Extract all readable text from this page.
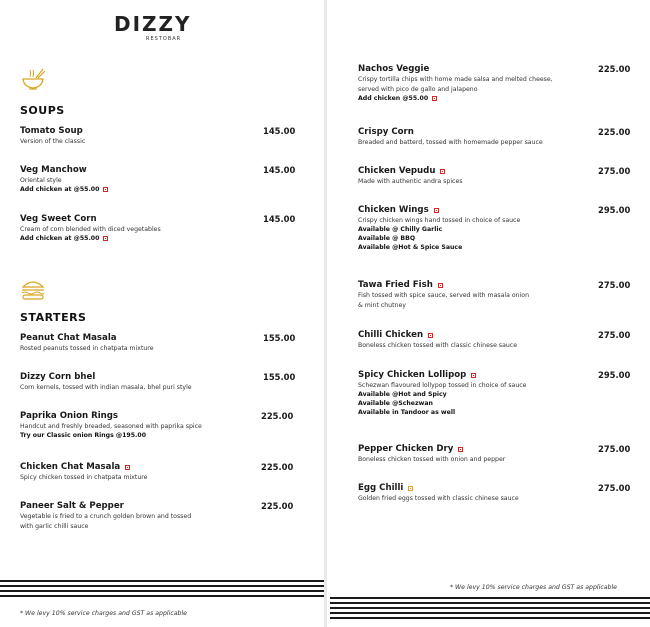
DIZZY
RESTOBAR
SOUPS
Tomato Soup
Version of the classic
145.00
Veg Manchow
Oriental style
Add chicken at @55.00
145.00
Veg Sweet Corn
Cream of corn blended with diced vegetables
Add chicken at @55.00
145.00
STARTERS
Peanut Chat Masala
Rosted peanuts tossed in chatpata mixture
155.00
Dizzy Corn bhel
Corn kernels, tossed with indian masala, bhel puri style
155.00
Paprika Onion Rings
Handcut and freshly breaded, seasoned with paprika spice
Try our Classic onion Rings @195.00
225.00
Chicken Chat Masala
Spicy chicken tossed in chatpata mixture
225.00
Paneer Salt & Pepper
Vegetable is fried to a crunch golden brown and tossed
with garlic chilli sauce
225.00
* We levy 10% service charges and GST as applicable
Nachos Veggie
Crispy tortilla chips with home made salsa and melted cheese,
served with pico de gallo and jalapeno
Add chicken @55.00
225.00
Crispy Corn
Breaded and batterd, tossed with homemade pepper sauce
225.00
Chicken Vepudu
Made with authentic andra spices
275.00
Chicken Wings
Crispy chicken wings hand tossed in choice of sauce
Available @ Chilly Garlic
Available @ BBQ
Available @Hot & Spice Sauce
295.00
Tawa Fried Fish
Fish tossed with spice sauce, served with masala onion
& mint chutney
275.00
Chilli Chicken
Boneless chicken tossed with classic chinese sauce
275.00
Spicy Chicken Lollipop
Schezwan flavoured lollypop tossed in choice of sauce
Available @Hot and Spicy
Available @Schezwan
Available in Tandoor as well
295.00
Pepper Chicken Dry
Boneless chicken tossed with onion and pepper
275.00
Egg Chilli
Golden fried eggs tossed with classic chinese sauce
275.00
* We levy 10% service charges and GST as applicable
